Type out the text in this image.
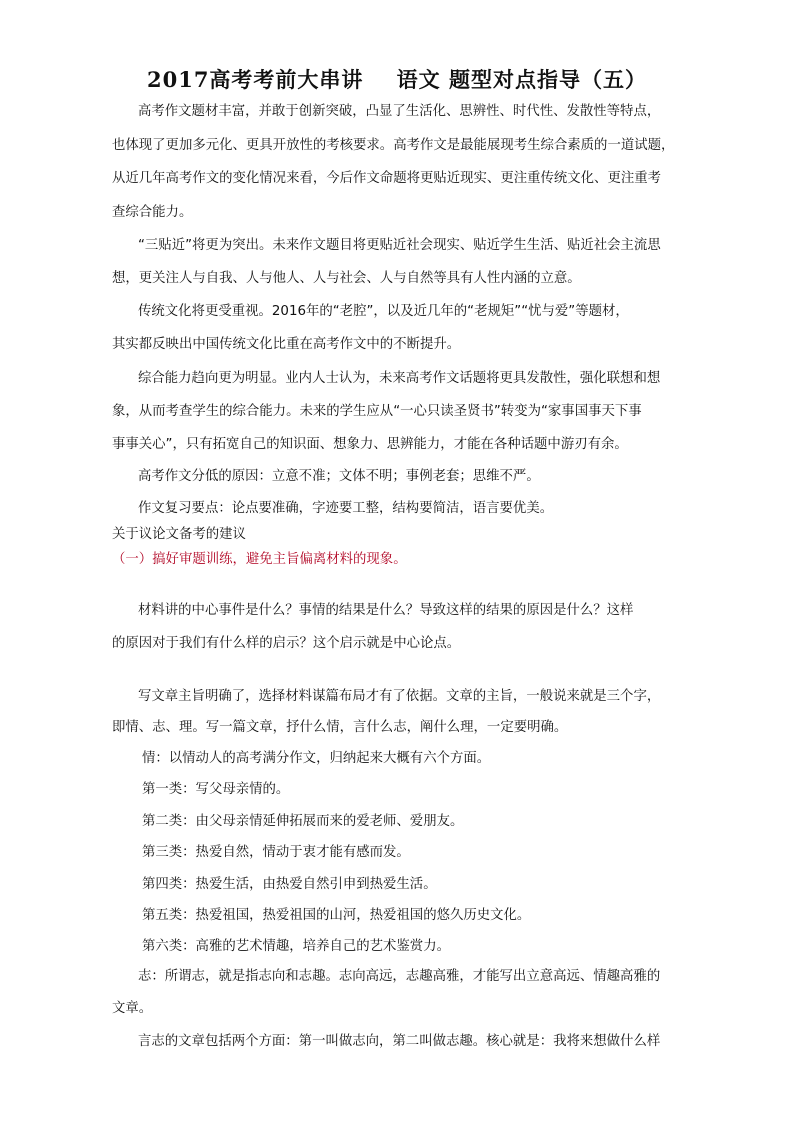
2017高考考前大串讲    语文 题型对点指导（五）
高考作文题材丰富，并敢于创新突破，凸显了生活化、思辨性、时代性、发散性等特点，
也体现了更加多元化、更具开放性的考核要求。高考作文是最能展现考生综合素质的一道试题，
从近几年高考作文的变化情况来看，今后作文命题将更贴近现实、更注重传统文化、更注重考
查综合能力。
“三贴近”将更为突出。未来作文题目将更贴近社会现实、贴近学生生活、贴近社会主流思
想，更关注人与自我、人与他人、人与社会、人与自然等具有人性内涵的立意。
传统文化将更受重视。2016年的“老腔”，以及近几年的“老规矩”“忧与爱”等题材，
其实都反映出中国传统文化比重在高考作文中的不断提升。
综合能力趋向更为明显。业内人士认为，未来高考作文话题将更具发散性，强化联想和想
象，从而考查学生的综合能力。未来的学生应从“一心只读圣贤书”转变为“家事国事天下事
事事关心”，只有拓宽自己的知识面、想象力、思辨能力，才能在各种话题中游刃有余。
高考作文分低的原因：立意不准；文体不明；事例老套；思维不严。
作文复习要点：论点要准确，字迹要工整，结构要简洁，语言要优美。
关于议论文备考的建议
（一）搞好审题训练，避免主旨偏离材料的现象。
材料讲的中心事件是什么？事情的结果是什么？导致这样的结果的原因是什么？这样
的原因对于我们有什么样的启示？这个启示就是中心论点。
写文章主旨明确了，选择材料谋篇布局才有了依据。文章的主旨，一般说来就是三个字，
即情、志、理。写一篇文章，抒什么情，言什么志，阐什么理，一定要明确。
情：以情动人的高考满分作文，归纳起来大概有六个方面。
第一类：写父母亲情的。
第二类：由父母亲情延伸拓展而来的爱老师、爱朋友。
第三类：热爱自然，情动于衷才能有感而发。
第四类：热爱生活，由热爱自然引申到热爱生活。
第五类：热爱祖国，热爱祖国的山河，热爱祖国的悠久历史文化。
第六类：高雅的艺术情趣，培养自己的艺术鉴赏力。
志：所谓志，就是指志向和志趣。志向高远，志趣高雅，才能写出立意高远、情趣高雅的
文章。
言志的文章包括两个方面：第一叫做志向，第二叫做志趣。核心就是：我将来想做什么样
